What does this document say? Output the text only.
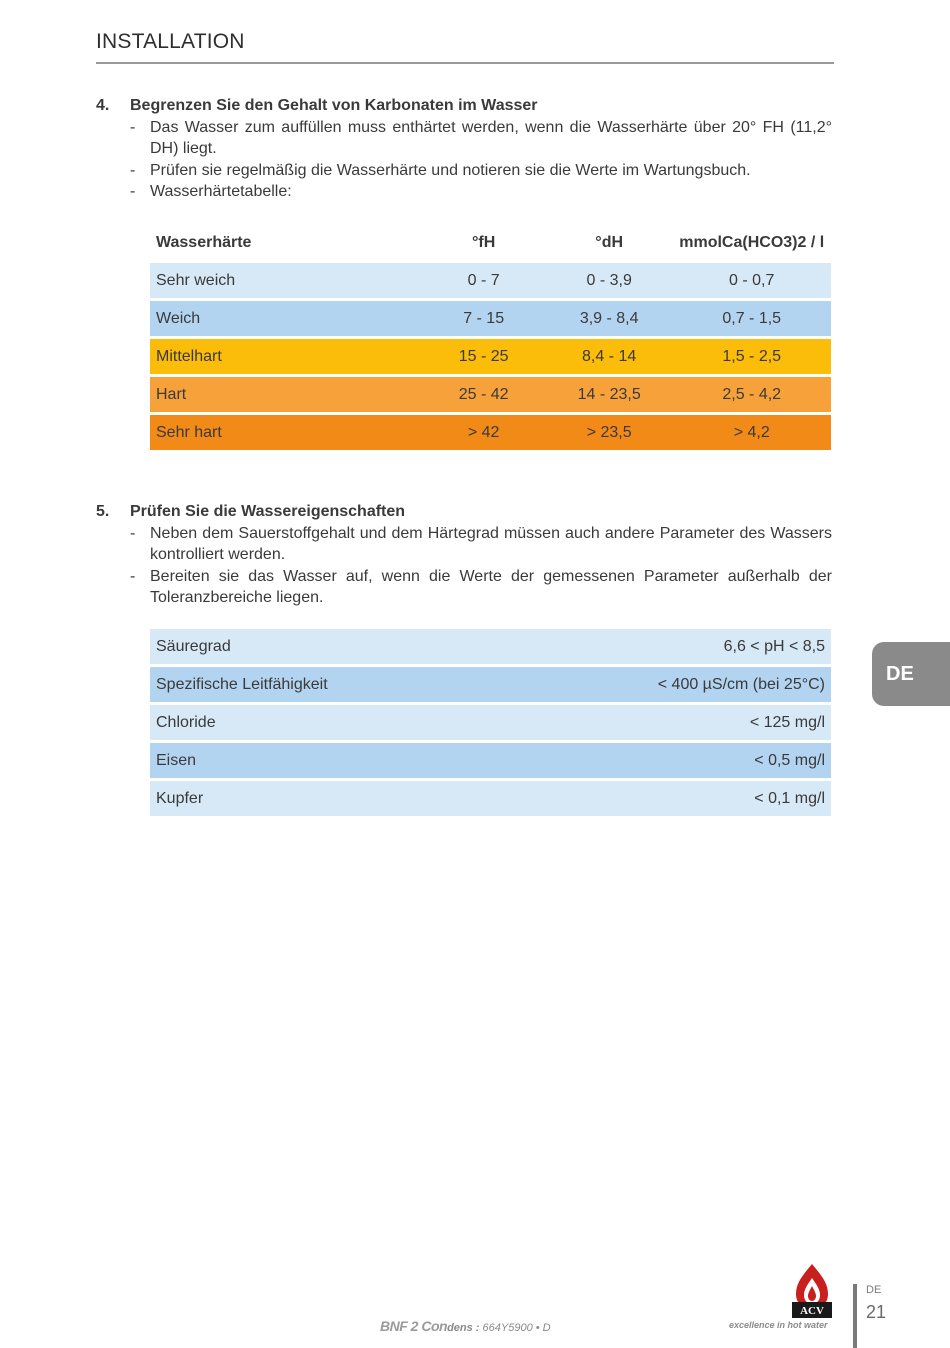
INSTALLATION
4.	Begrenzen Sie den Gehalt von Karbonaten im Wasser
- Das Wasser zum auffüllen muss enthärtet werden, wenn die Wasserhärte über 20° FH (11,2° DH) liegt.
- Prüfen sie regelmäßig die Wasserhärte und notieren sie die Werte im Wartungsbuch.
- Wasserhärtetabelle:
Wasserhärte	°fH	°dH	mmolCa(HCO3)2 / l
Sehr weich	0 - 7	0 - 3,9	0 - 0,7
Weich	7 - 15	3,9 - 8,4	0,7 - 1,5
Mittelhart	15 - 25	8,4 - 14	1,5 - 2,5
Hart	25 - 42	14 - 23,5	2,5 - 4,2
Sehr hart	> 42	> 23,5	> 4,2
5.	Prüfen Sie die Wassereigenschaften
- Neben dem Sauerstoffgehalt und dem Härtegrad müssen auch andere Parameter des Wassers kontrolliert werden.
- Bereiten sie das Wasser auf, wenn die Werte der gemessenen Parameter außerhalb der Toleranzbereiche liegen.
Säuregrad	6,6 < pH < 8,5
Spezifische Leitfähigkeit	< 400 µS/cm (bei 25°C)
Chloride	< 125 mg/l
Eisen	< 0,5 mg/l
Kupfer	< 0,1 mg/l
DE
BNF 2 Condens : 664Y5900 • D
ACV
excellence in hot water
DE
21
